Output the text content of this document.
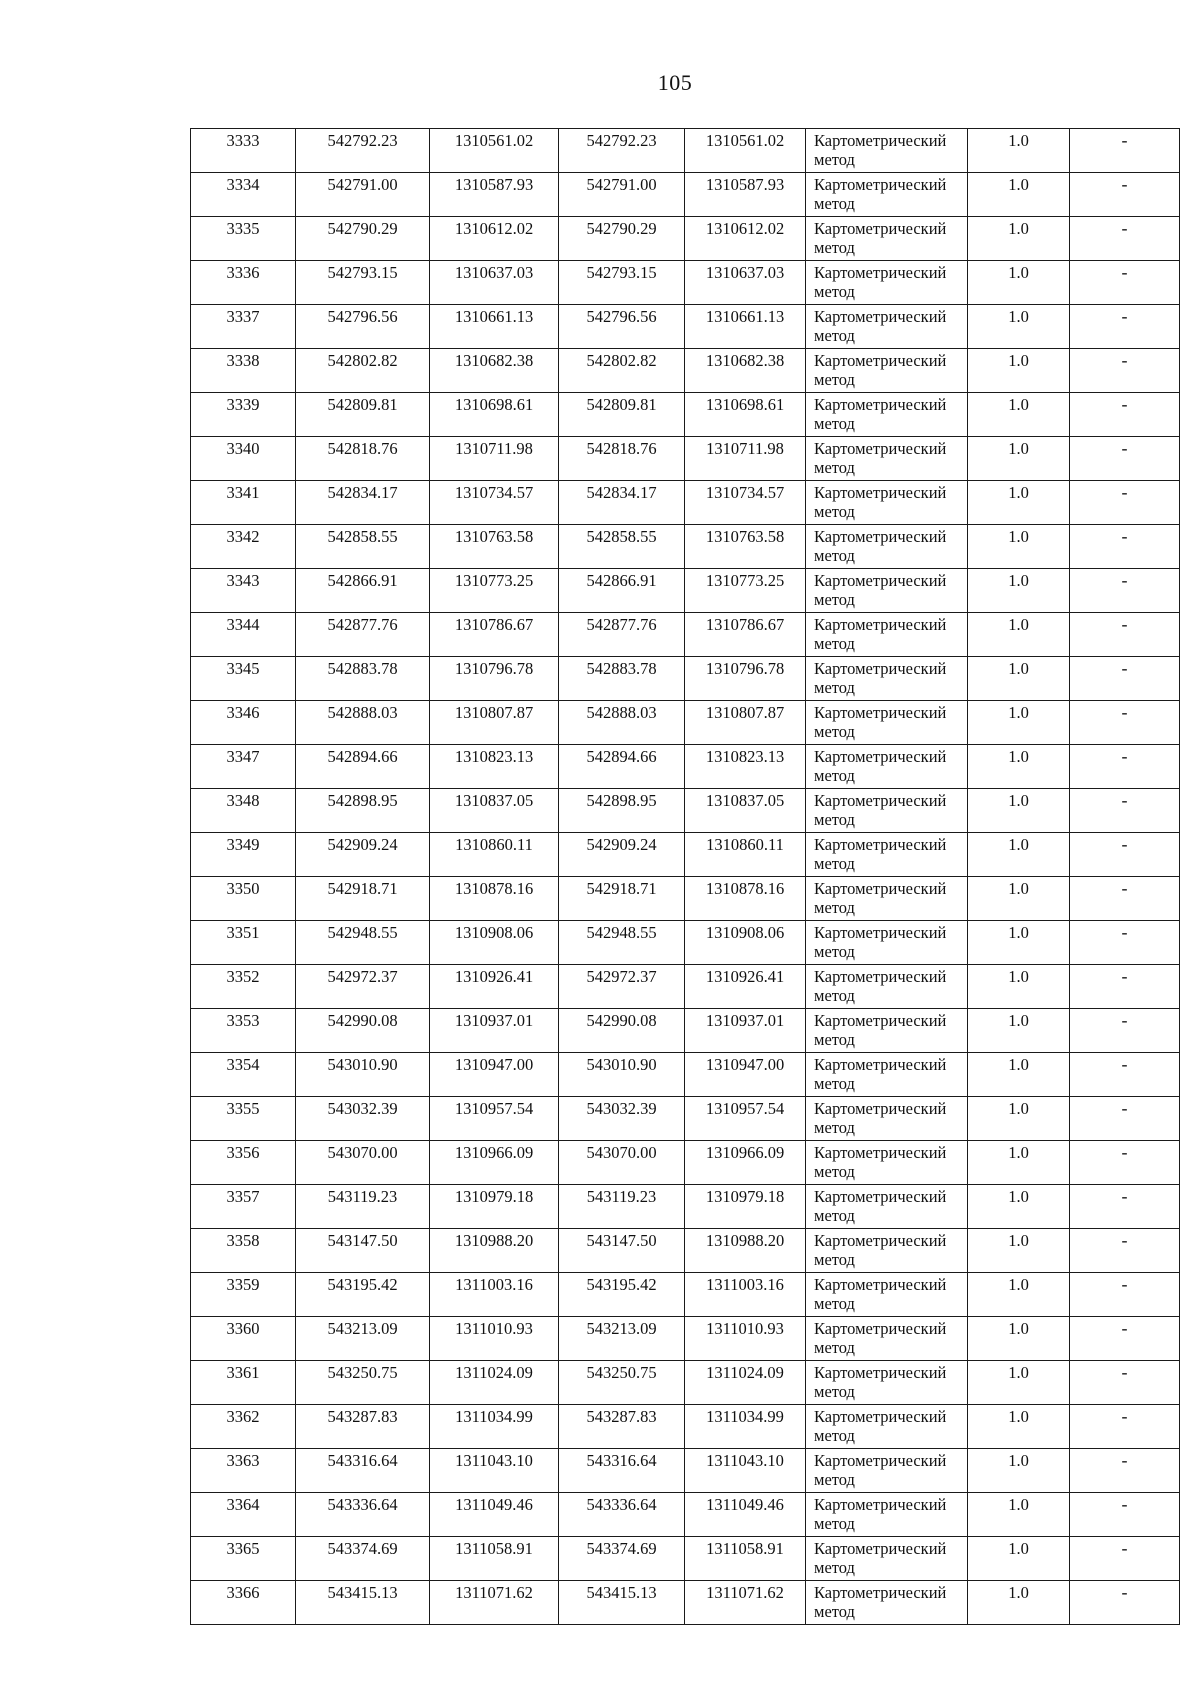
105
3333	542792.23	1310561.02	542792.23	1310561.02	Картометрический метод	1.0	-
3334	542791.00	1310587.93	542791.00	1310587.93	Картометрический метод	1.0	-
3335	542790.29	1310612.02	542790.29	1310612.02	Картометрический метод	1.0	-
3336	542793.15	1310637.03	542793.15	1310637.03	Картометрический метод	1.0	-
3337	542796.56	1310661.13	542796.56	1310661.13	Картометрический метод	1.0	-
3338	542802.82	1310682.38	542802.82	1310682.38	Картометрический метод	1.0	-
3339	542809.81	1310698.61	542809.81	1310698.61	Картометрический метод	1.0	-
3340	542818.76	1310711.98	542818.76	1310711.98	Картометрический метод	1.0	-
3341	542834.17	1310734.57	542834.17	1310734.57	Картометрический метод	1.0	-
3342	542858.55	1310763.58	542858.55	1310763.58	Картометрический метод	1.0	-
3343	542866.91	1310773.25	542866.91	1310773.25	Картометрический метод	1.0	-
3344	542877.76	1310786.67	542877.76	1310786.67	Картометрический метод	1.0	-
3345	542883.78	1310796.78	542883.78	1310796.78	Картометрический метод	1.0	-
3346	542888.03	1310807.87	542888.03	1310807.87	Картометрический метод	1.0	-
3347	542894.66	1310823.13	542894.66	1310823.13	Картометрический метод	1.0	-
3348	542898.95	1310837.05	542898.95	1310837.05	Картометрический метод	1.0	-
3349	542909.24	1310860.11	542909.24	1310860.11	Картометрический метод	1.0	-
3350	542918.71	1310878.16	542918.71	1310878.16	Картометрический метод	1.0	-
3351	542948.55	1310908.06	542948.55	1310908.06	Картометрический метод	1.0	-
3352	542972.37	1310926.41	542972.37	1310926.41	Картометрический метод	1.0	-
3353	542990.08	1310937.01	542990.08	1310937.01	Картометрический метод	1.0	-
3354	543010.90	1310947.00	543010.90	1310947.00	Картометрический метод	1.0	-
3355	543032.39	1310957.54	543032.39	1310957.54	Картометрический метод	1.0	-
3356	543070.00	1310966.09	543070.00	1310966.09	Картометрический метод	1.0	-
3357	543119.23	1310979.18	543119.23	1310979.18	Картометрический метод	1.0	-
3358	543147.50	1310988.20	543147.50	1310988.20	Картометрический метод	1.0	-
3359	543195.42	1311003.16	543195.42	1311003.16	Картометрический метод	1.0	-
3360	543213.09	1311010.93	543213.09	1311010.93	Картометрический метод	1.0	-
3361	543250.75	1311024.09	543250.75	1311024.09	Картометрический метод	1.0	-
3362	543287.83	1311034.99	543287.83	1311034.99	Картометрический метод	1.0	-
3363	543316.64	1311043.10	543316.64	1311043.10	Картометрический метод	1.0	-
3364	543336.64	1311049.46	543336.64	1311049.46	Картометрический метод	1.0	-
3365	543374.69	1311058.91	543374.69	1311058.91	Картометрический метод	1.0	-
3366	543415.13	1311071.62	543415.13	1311071.62	Картометрический метод	1.0	-
